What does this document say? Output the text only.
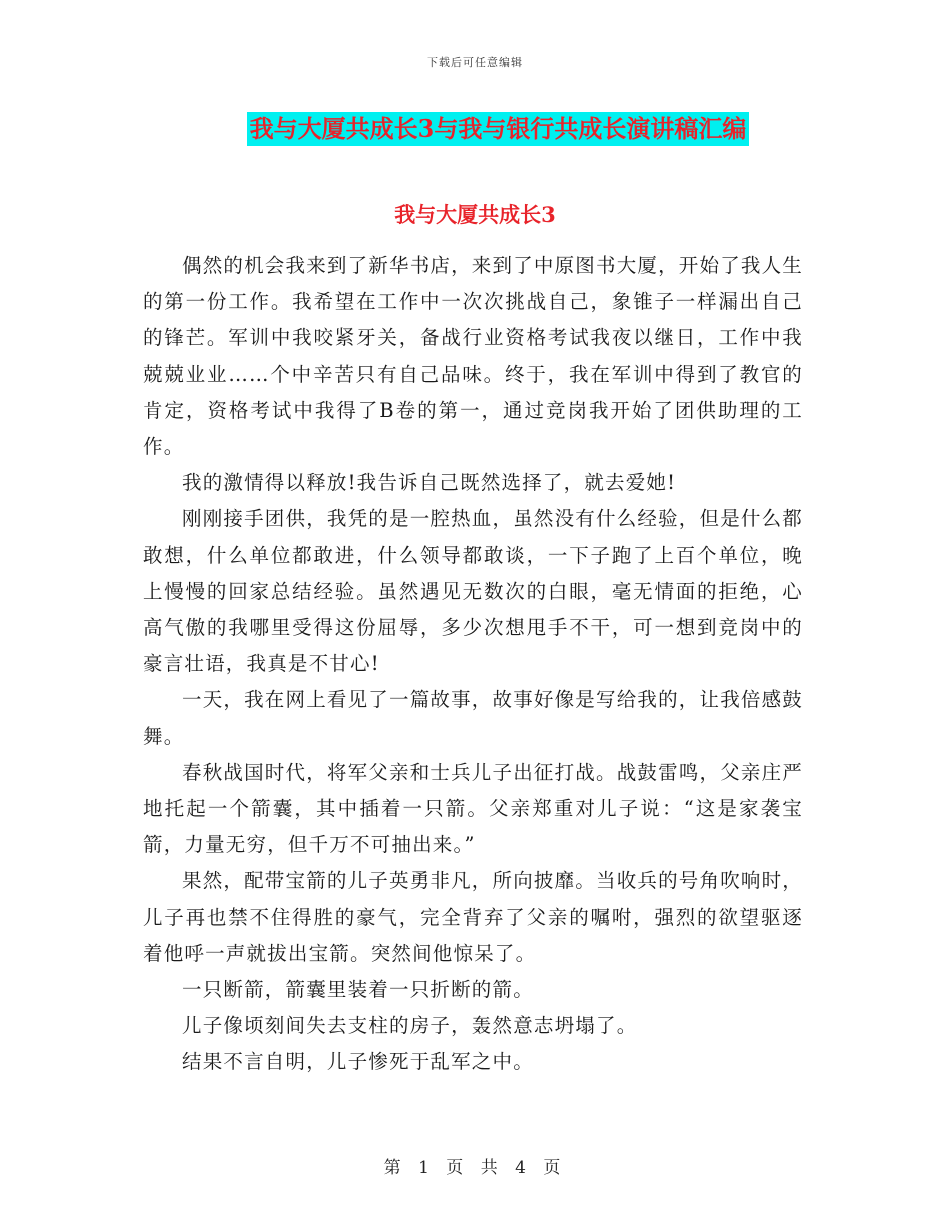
下载后可任意编辑
我与大厦共成长3与我与银行共成长演讲稿汇编
我与大厦共成长3

偶然的机会我来到了新华书店，来到了中原图书大厦，开始了我人生的第一份工作。我希望在工作中一次次挑战自己，象锥子一样漏出自己的锋芒。军训中我咬紧牙关，备战行业资格考试我夜以继日，工作中我兢兢业业……个中辛苦只有自己品味。终于，我在军训中得到了教官的肯定，资格考试中我得了B卷的第一，通过竞岗我开始了团供助理的工作。

我的激情得以释放!我告诉自己既然选择了，就去爱她!

刚刚接手团供，我凭的是一腔热血，虽然没有什么经验，但是什么都敢想，什么单位都敢进，什么领导都敢谈，一下子跑了上百个单位，晚上慢慢的回家总结经验。虽然遇见无数次的白眼，毫无情面的拒绝，心高气傲的我哪里受得这份屈辱，多少次想甩手不干，可一想到竞岗中的豪言壮语，我真是不甘心!

一天，我在网上看见了一篇故事，故事好像是写给我的，让我倍感鼓舞。

春秋战国时代，将军父亲和士兵儿子出征打战。战鼓雷鸣，父亲庄严地托起一个箭囊，其中插着一只箭。父亲郑重对儿子说：“这是家袭宝箭，力量无穷，但千万不可抽出来。”

果然，配带宝箭的儿子英勇非凡，所向披靡。当收兵的号角吹响时，儿子再也禁不住得胜的豪气，完全背弃了父亲的嘱咐，强烈的欲望驱逐着他呼一声就拔出宝箭。突然间他惊呆了。

一只断箭，箭囊里装着一只折断的箭。

儿子像顷刻间失去支柱的房子，轰然意志坍塌了。

结果不言自明，儿子惨死于乱军之中。

第 1 页 共 4 页
